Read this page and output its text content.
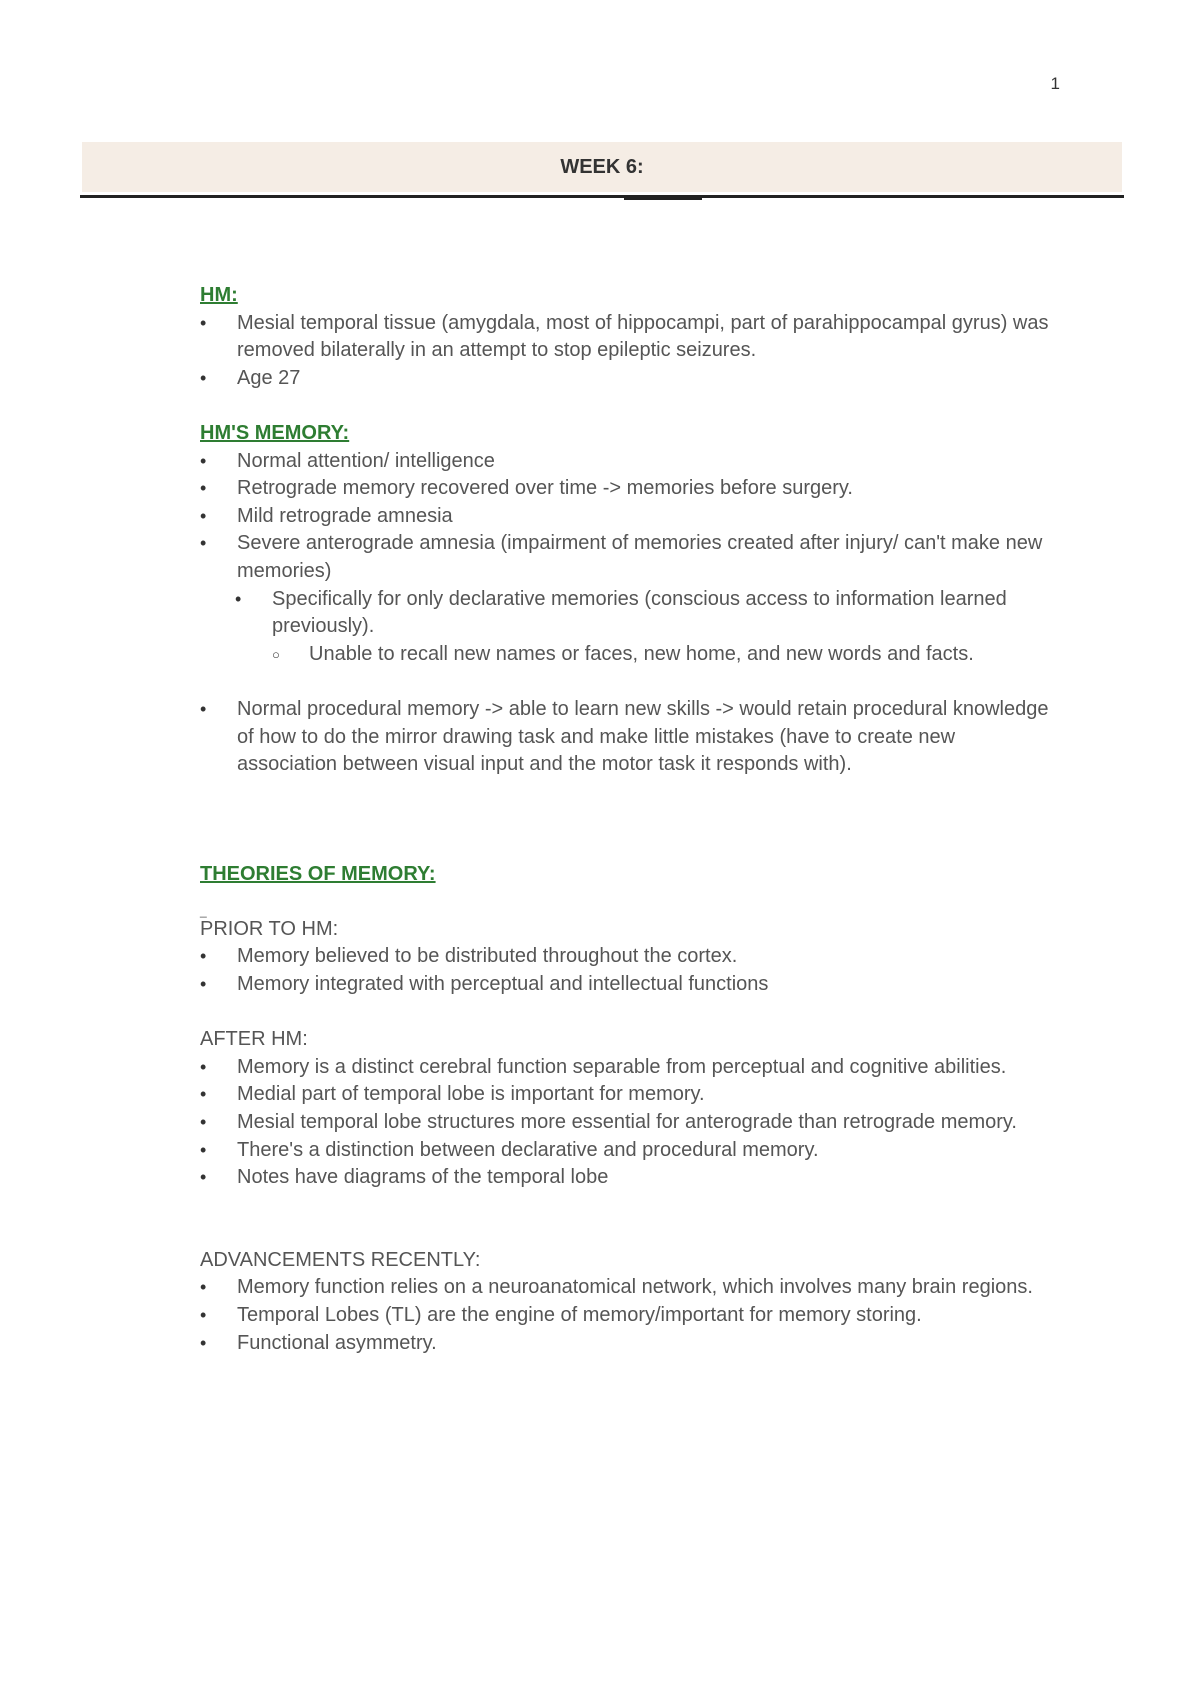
1
WEEK 6:

HM:

• Mesial temporal tissue (amygdala, most of hippocampi, part of parahippocampal gyrus) was removed bilaterally in an attempt to stop epileptic seizures.
• Age 27

HM'S MEMORY:

• Normal attention/ intelligence
• Retrograde memory recovered over time -> memories before surgery.
• Mild retrograde amnesia
• Severe anterograde amnesia (impairment of memories created after injury/ can't make new memories)
• Specifically for only declarative memories (conscious access to information learned previously).
○ Unable to recall new names or faces, new home, and new words and facts.
• Normal procedural memory -> able to learn new skills -> would retain procedural knowledge of how to do the mirror drawing task and make little mistakes (have to create new association between visual input and the motor task it responds with).

THEORIES OF MEMORY:

_

PRIOR TO HM:

• Memory believed to be distributed throughout the cortex.
• Memory integrated with perceptual and intellectual functions

AFTER HM:

• Memory is a distinct cerebral function separable from perceptual and cognitive abilities.
• Medial part of temporal lobe is important for memory.
• Mesial temporal lobe structures more essential for anterograde than retrograde memory.
• There's a distinction between declarative and procedural memory.
• Notes have diagrams of the temporal lobe

ADVANCEMENTS RECENTLY:

• Memory function relies on a neuroanatomical network, which involves many brain regions.
• Temporal Lobes (TL) are the engine of memory/important for memory storing.
• Functional asymmetry.
